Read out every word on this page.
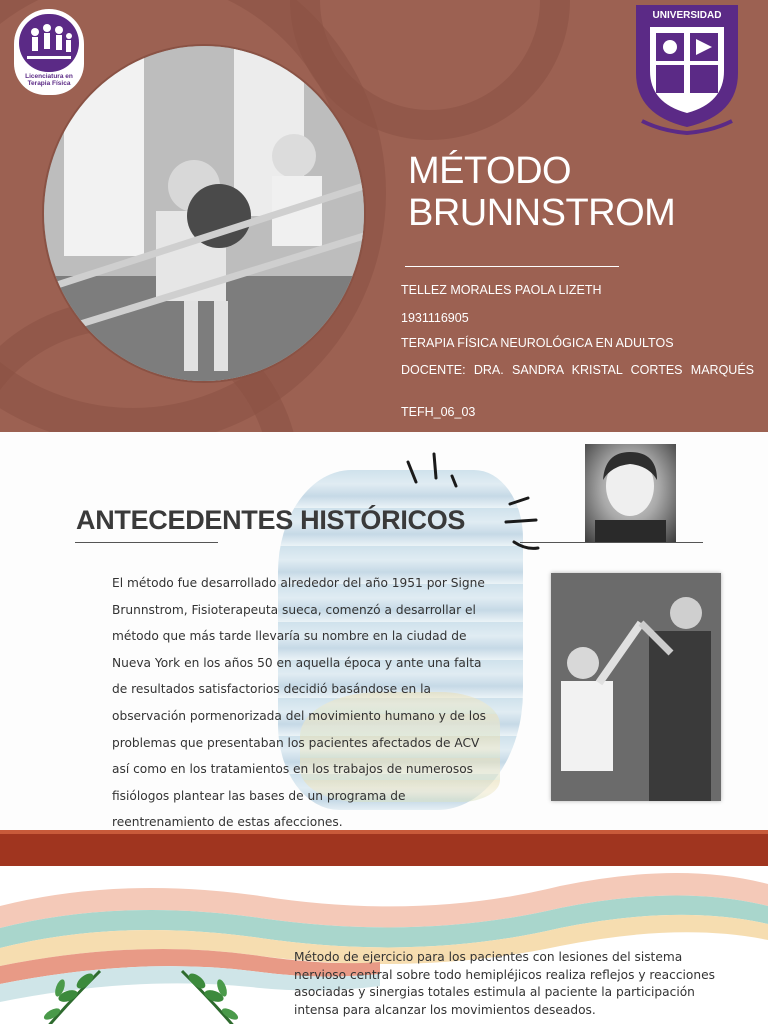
Licenciatura en
Terapia Física
UNIVERSIDAD
MÉTODO
BRUNNSTROM

TELLEZ MORALES PAOLA LIZETH

1931116905

TERAPIA FÍSICA NEUROLÓGICA EN ADULTOS

DOCENTE: DRA. SANDRA KRISTAL CORTES MARQUÉS

TEFH_06_03

ANTECEDENTES HISTÓRICOS

El método fue desarrollado alrededor del año 1951 por Signe Brunnstrom, Fisioterapeuta sueca, comenzó a desarrollar el método que más tarde llevaría su nombre en la ciudad de Nueva York en los años 50 en aquella época y ante una falta de resultados satisfactorios decidió basándose en la observación pormenorizada del movimiento humano y de los problemas que presentaban los pacientes afectados de ACV así como en los tratamientos en los trabajos de numerosos fisiólogos plantear las bases de un programa de reentrenamiento de estas afecciones.

Método de ejercicio para los pacientes con lesiones del sistema nervioso central sobre todo hemipléjicos realiza reflejos y reacciones asociadas y sinergias totales estimula al paciente la participación intensa para alcanzar los movimientos deseados.
